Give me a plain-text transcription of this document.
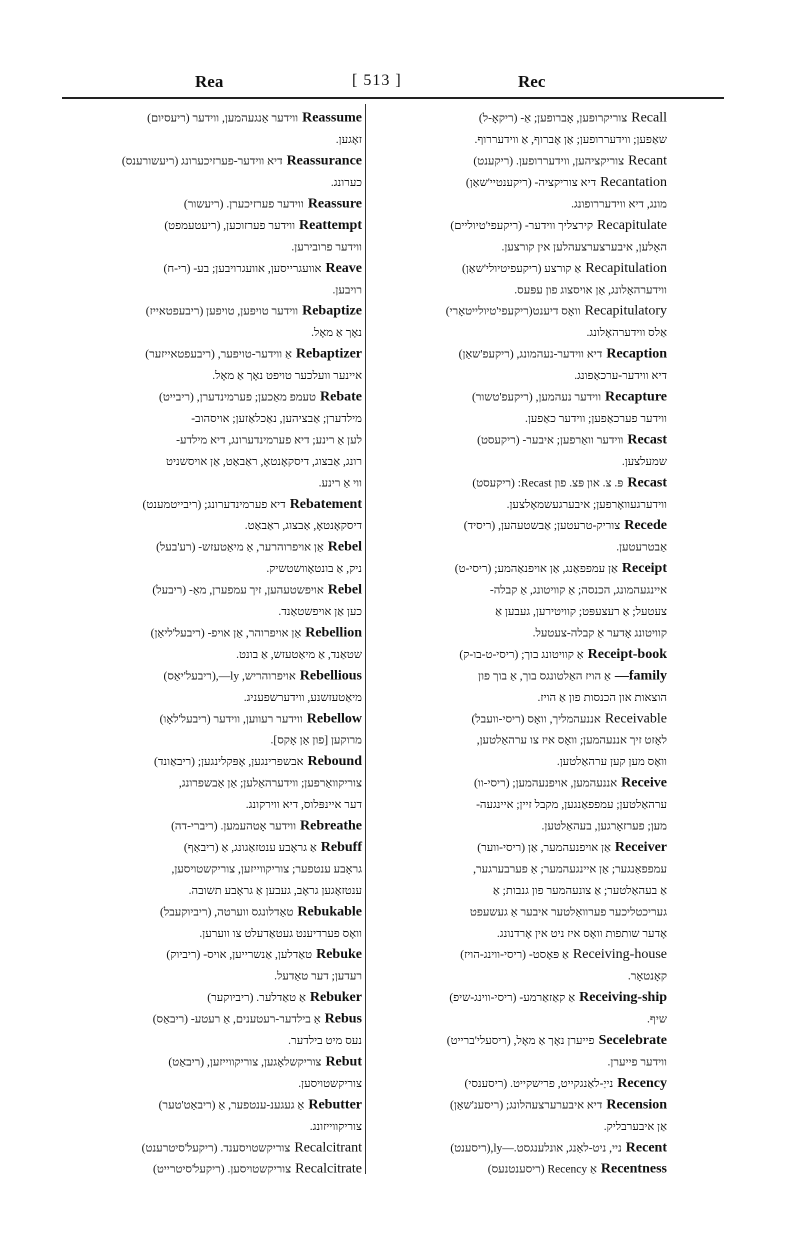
Rea	[ 513 ]	Rec
ווידער אַנגעהמען, ווידער (ריעסיום) Reassume
זאָגען.
דיא ווידער-פערזיכערונג (ריעשורענס) Reassurance
כערונג.
ווידער פערזיכערן. (ריעשור) Reassure
ווידער פערזוכען, (ריעטעמפט) Reattempt
ווידער פרובירען.
אוועגרייסען, אוועגרויבען; בע- (רי-ח) Reave
רויבען.
ווידער טויפען, טויפען (ריבעפטאייז) Rebaptize
נאָך אַ מאָל.
אַ ווידער-טויפער, (ריבעפטאייזער) Rebaptizer
איינער וועלכער טויפט נאָך אַ מאָל.
טעמפ מאַכען; פערמינדערן, (ריבייט) Rebate
מילדערן; אַבציהען, נאַכלאַזען; אויסהוב-
לען אַ רינע; דיא פערמינדערונג, דיא מילדע-
רונג, אַבצוג, דיסקאָנטאָ, ראַבאַט, אַן אויסשניט
ווי אַ רינע.
דיא פערמינדערונג; (ריבייטמענט) Rebatement
דיסקאָנטאָ, אַבצוג, ראַבאַט.
אַן אויפרוהרער, אַ מיאַטעזש- (רע'בעל) Rebel
ניק, אַ בונטאָוושטשיק.
אויפשטעהען, זיך עמפערן, מאַ- (ריבעל) Rebel
כען אַן אויפשטאַנד.
אַן אויפרוהר, אַן אויפ- (ריבעל'ליאַן) Rebellion
שטאַנד, אַ מיאַטעזש, אַ בונט.
אויפרוהריש, ly—,(ריבעל'יאַס) Rebellious
מיאַטעזשנע, ווידערשפעניג.
ווידער רעווען, ווידער (ריבעל'לאָו) Rebellow
מרוקען [פון אַן אָקס].
אבשפרינגען, אָפּקלינגען; (ריבאַונד) Rebound
צוריקוואַרפען; ווידערהאַלען; אַן אַבשפרונג,
דער איינפּלוס, דיא ווירקונג.
ווידער אָטהעמען. (ריברי-דה) Rebreathe
אַ גראָבע ענטזאַגונג, אַ (ריבאַף) Rebuff
גראָבע ענטפער; צוריקווייזען, צוריקשטויסען,
ענטזאָגען גראָב, געבען אַ גראָבע תשובה.
טאַדלונגס ווערטה, (ריביוקעבל) Rebukable
וואָס פערדיענט געטאַדעלט צו ווערען.
טאַדלען, אַנשרייען, אויס- (ריביוק) Rebuke
רעדען; דער טאַדעל.
אַ טאַדלער. (ריביוקער) Rebuker
אַ בילדער-רעטענים, אַ רעטע- (ריבאַס) Rebus
נעס מיט בילדער.
צוריקשלאָגען, צוריקווייזען, (ריבאַט) Rebut
צוריקשטויסען.
אַ געגענ-ענטפער, אַ (ריבאַט'טער) Rebutter
צוריקווייזונג.
צוריקשטויסענד. (ריקעל'סיטרענט) Recalcitrant
צוריקשטויסען. (ריקעל'סיטרייט) Recalcitrate
צוריקרופען, אָברופען; אַ- (ריקאָ-ל) Recall
שאַפען; ווידעררופען; אַן אָברוף, אַ ווידעררוף.
צוריקציהען, ווידעררופען. (ריקענט) Recant
דיא צוריקציה- (ריקענטיי'שאַן) Recantation
מונג, דיא ווידעררופונג.
קירצליך ווידער- (ריקעפי'טיוליים) Recapitulate
האָלען, איבערצערצעהלען אין קורצען.
אַ קורצע (ריקעפיטיולי'שאַן) Recapitulation
ווידערהאָלונג, אַן אויסצוג פון עפּעס.
וואָס דיענט(ריקעפי'טיולייטאָרי) Recapitulatory
אַלס ווידערהאָלונג.
דיא ווידער-נעהמונג, (ריקעפ'שאַן) Recaption
דיא ווידער-ערכאַפונג.
ווידער נעהמען, (ריקעפ'טשור) Recapture
ווידער פערכאַפען; ווידער כאַפען.
ווידער וואַרפען; איבער- (ריקעסט) Recast
שמעלצען.
פּ. צ. און פּצ. פון Recast: (ריקעסט) Recast
ווידערגעוואָרפען; איבערגעשמאָלצען.
צוריק-טרעטען; אַבשטעהען, (ריסיד) Recede
אַבטרעטען.
אַן עמפפאַנג, אַן אויפנאַהמע; (ריסי-ט) Receipt
איינגעהמונג, הכנסה; אַ קוויטונג, אַ קבלה-
צעטעל; אַ רעצעפּט; קוויטירען, געבען אַ
קוויטונג אָדער אַ קבלה-צעטעל.
אַ קוויטונג בוך; (ריסי-ט-בו-ק) Receipt-book
אַ הויז האַלטונגס בוך, אַ בוך פון —family
הוצאות און הכנסות פון אַ הויז.
אננעהמליך, וואָס (ריסי-וועבל) Receivable
לאָזט זיך אננעהמען; וואָס איז צו ערהאַלטען,
וואָס מען קען ערהאַלטען.
אננעהמען, אויפנעהמען; (ריסי-וו) Receive
ערהאַלטען; עמפפאַנגען, מקבל זיין; איינגעה-
מען; פערזאָרגען, בעהאַלטען.
אַן אויפנעהמער, אַן (ריסי-ווער) Receiver
עמפפאַנגער; אַן איינגעהמער; אַ פערבערגער,
אַ בעהאַלטער; אַ צונעהמער פון גנבות; אַ
געריכטליכער פערוואַלטער איבער אַ געשעפט
אָדער שותפות וואָס איז ניט אין אָרדנונג.
אַ פּאָסט- (ריסי-ווינג-הויז) Receiving-house
קאָנטאָר.
אַ קאַזאַרמע- (ריסי-ווינג-שיפ) Receiving-ship
שיף.
פייערן נאָך אַ מאָל, (ריסעלי'ברייט) Secelebrate
ווידער פייערן.
נייַ-לאַנגקייט, פרישקייט. (ריסענסי) Recency
דיא איבערערצעהלונג; (ריסענ'שאַן) Recension
אַן איבערבליק.
ניי, ניט-לאַנג, אונלענגסט.—ly,(ריסענט) Recent
אַ Recency (ריסענטנעס) Recentness
